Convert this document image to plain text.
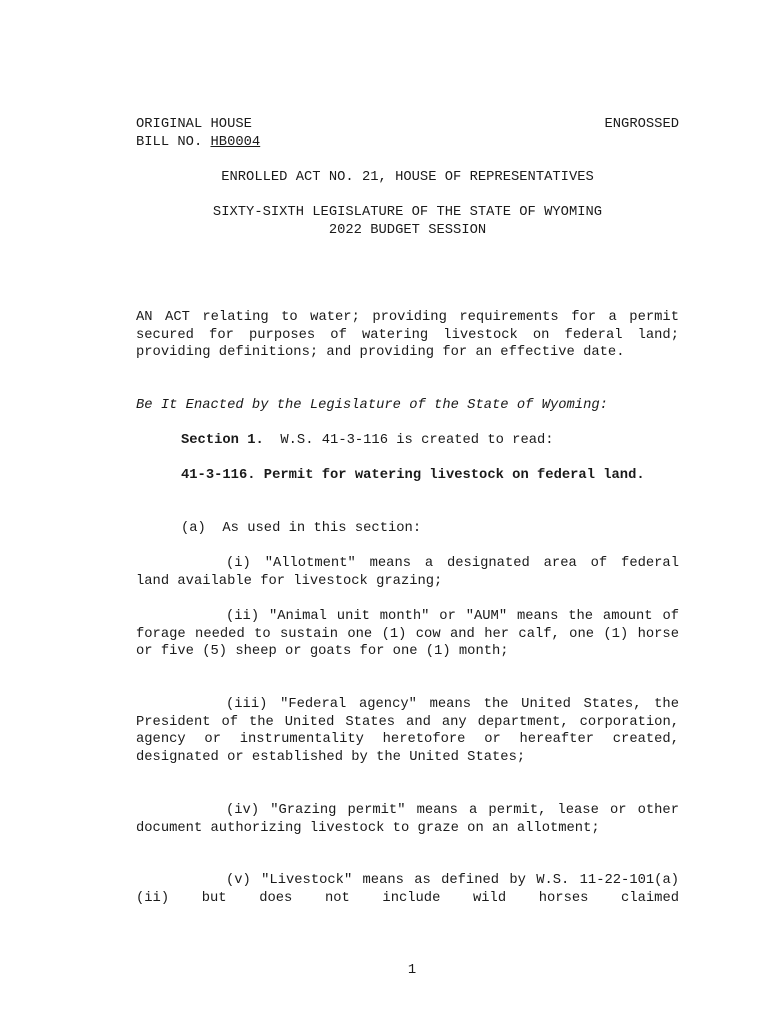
ORIGINAL HOUSE	ENGROSSED
BILL NO. HB0004
ENROLLED ACT NO. 21, HOUSE OF REPRESENTATIVES
SIXTY-SIXTH LEGISLATURE OF THE STATE OF WYOMING
2022 BUDGET SESSION

AN ACT relating to water; providing requirements for a permit secured for purposes of watering livestock on federal land; providing definitions; and providing for an effective date.

Be It Enacted by the Legislature of the State of Wyoming:
Section 1. W.S. 41-3-116 is created to read:

41-3-116. Permit for watering livestock on federal land.

(a)  As used in this section:

(i) "Allotment" means a designated area of federal land available for livestock grazing;

(ii) "Animal unit month" or "AUM" means the amount of forage needed to sustain one (1) cow and her calf, one (1) horse or five (5) sheep or goats for one (1) month;

(iii) "Federal agency" means the United States, the President of the United States and any department, corporation, agency or instrumentality heretofore or hereafter created, designated or established by the United States;

(iv) "Grazing permit" means a permit, lease or other document authorizing livestock to graze on an allotment;

(v) "Livestock" means as defined by W.S. 11-22-101(a)(ii) but does not include wild horses claimed

1
